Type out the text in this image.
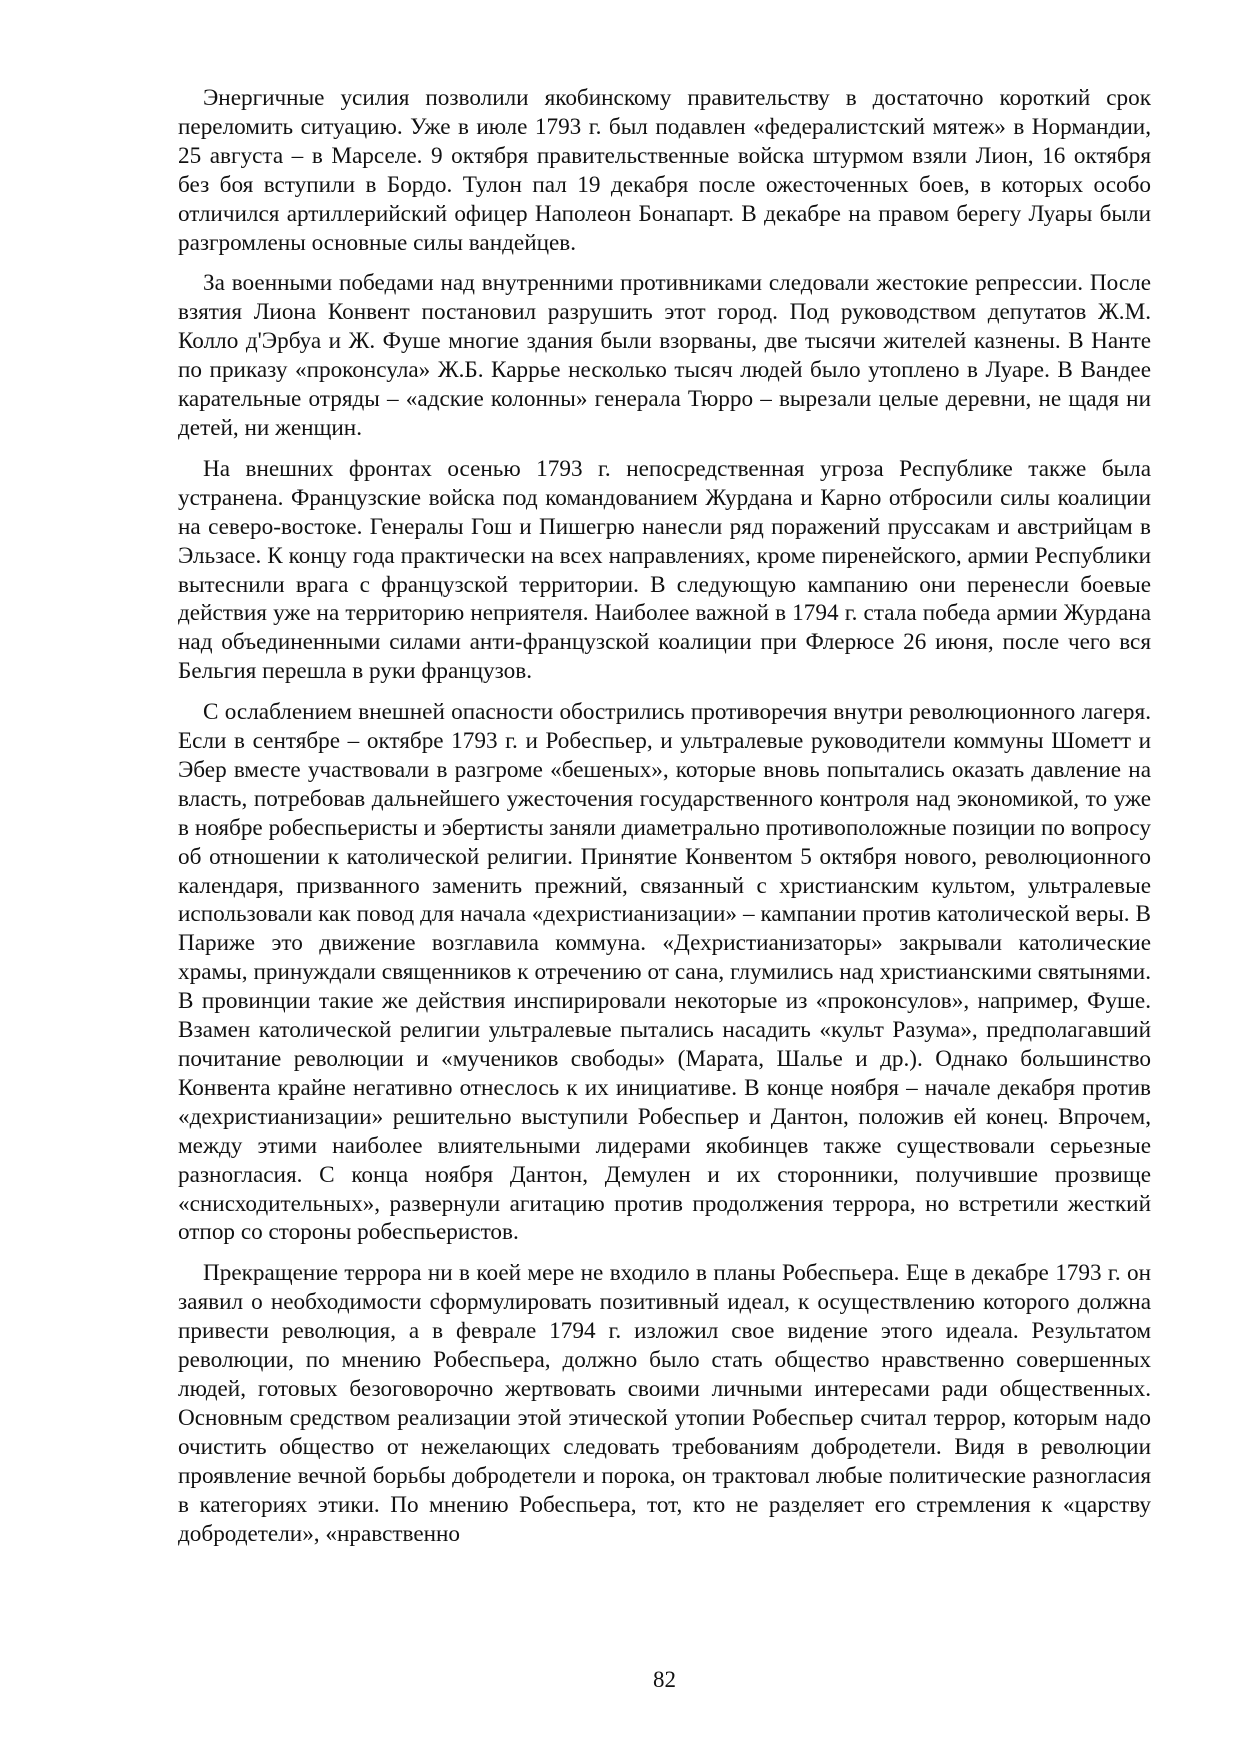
Энергичные усилия позволили якобинскому правительству в достаточно короткий срок переломить ситуацию. Уже в июле 1793 г. был подавлен «федералистский мятеж» в Нормандии, 25 августа – в Марселе. 9 октября правительственные войска штурмом взяли Лион, 16 октября без боя вступили в Бордо. Тулон пал 19 декабря после ожесточенных боев, в которых особо отличился артиллерийский офицер Наполеон Бонапарт. В декабре на правом берегу Луары были разгромлены основные силы вандейцев.

За военными победами над внутренними противниками следовали жестокие репрессии. После взятия Лиона Конвент постановил разрушить этот город. Под руководством депутатов Ж.М. Колло д'Эрбуа и Ж. Фуше многие здания были взорваны, две тысячи жителей казнены. В Нанте по приказу «проконсула» Ж.Б. Каррье несколько тысяч людей было утоплено в Луаре. В Вандее карательные отряды – «адские колонны» генерала Тюрро – вырезали целые деревни, не щадя ни детей, ни женщин.

На внешних фронтах осенью 1793 г. непосредственная угроза Республике также была устранена. Французские войска под командованием Журдана и Карно отбросили силы коалиции на северо-востоке. Генералы Гош и Пишегрю нанесли ряд поражений пруссакам и австрийцам в Эльзасе. К концу года практически на всех направлениях, кроме пиренейского, армии Республики вытеснили врага с французской территории. В следующую кампанию они перенесли боевые действия уже на территорию неприятеля. Наиболее важной в 1794 г. стала победа армии Журдана над объединенными силами анти-французской коалиции при Флерюсе 26 июня, после чего вся Бельгия перешла в руки французов.

С ослаблением внешней опасности обострились противоречия внутри революционного лагеря. Если в сентябре – октябре 1793 г. и Робеспьер, и ультралевые руководители коммуны Шометт и Эбер вместе участвовали в разгроме «бешеных», которые вновь попытались оказать давление на власть, потребовав дальнейшего ужесточения государственного контроля над экономикой, то уже в ноябре робеспьеристы и эбертисты заняли диаметрально противоположные позиции по вопросу об отношении к католической религии. Принятие Конвентом 5 октября нового, революционного календаря, призванного заменить прежний, связанный с христианским культом, ультралевые использовали как повод для начала «дехристианизации» – кампании против католической веры. В Париже это движение возглавила коммуна. «Дехристианизаторы» закрывали католические храмы, принуждали священников к отречению от сана, глумились над христианскими святынями. В провинции такие же действия инспирировали некоторые из «проконсулов», например, Фуше. Взамен католической религии ультралевые пытались насадить «культ Разума», предполагавший почитание революции и «мучеников свободы» (Марата, Шалье и др.). Однако большинство Конвента крайне негативно отнеслось к их инициативе. В конце ноября – начале декабря против «дехристианизации» решительно выступили Робеспьер и Дантон, положив ей конец. Впрочем, между этими наиболее влиятельными лидерами якобинцев также существовали серьезные разногласия. С конца ноября Дантон, Демулен и их сторонники, получившие прозвище «снисходительных», развернули агитацию против продолжения террора, но встретили жесткий отпор со стороны робеспьеристов.

Прекращение террора ни в коей мере не входило в планы Робеспьера. Еще в декабре 1793 г. он заявил о необходимости сформулировать позитивный идеал, к осуществлению которого должна привести революция, а в феврале 1794 г. изложил свое видение этого идеала. Результатом революции, по мнению Робеспьера, должно было стать общество нравственно совершенных людей, готовых безоговорочно жертвовать своими личными интересами ради общественных. Основным средством реализации этой этической утопии Робеспьер считал террор, которым надо очистить общество от нежелающих следовать требованиям добродетели. Видя в революции проявление вечной борьбы добродетели и порока, он трактовал любые политические разногласия в категориях этики. По мнению Робеспьера, тот, кто не разделяет его стремления к «царству добродетели», «нравственно

82
